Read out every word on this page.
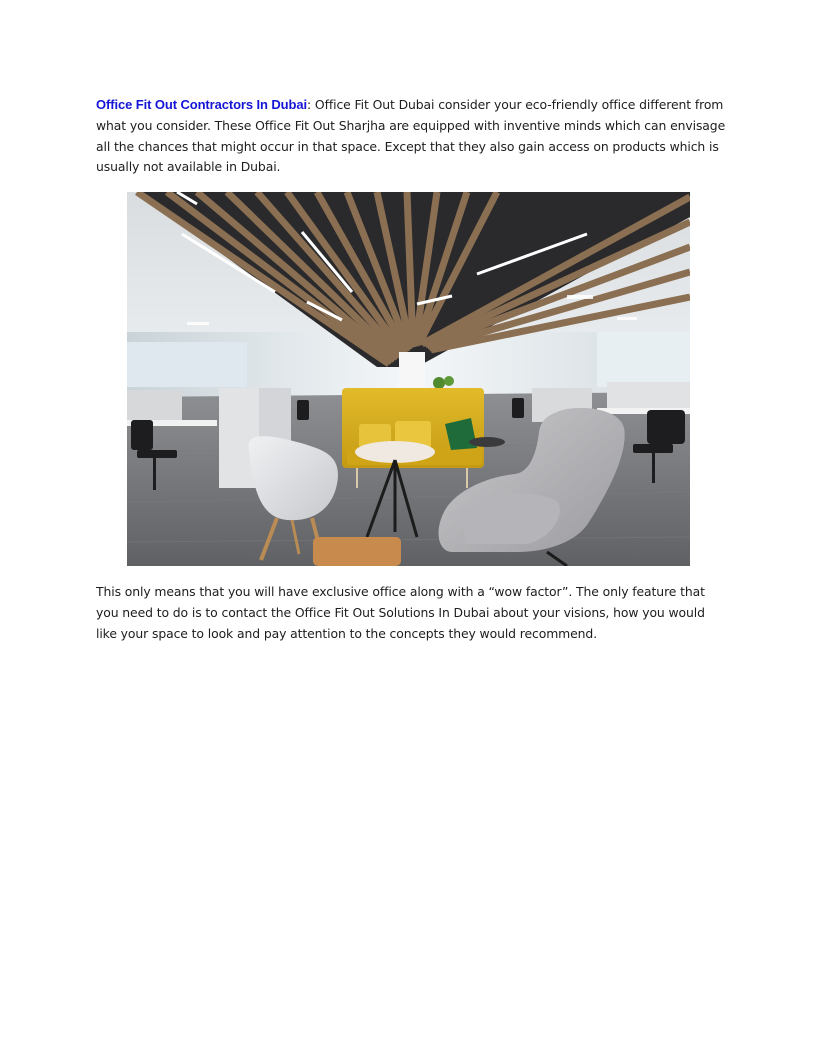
Office Fit Out Contractors In Dubai: Office Fit Out Dubai consider your eco-friendly office different from what you consider. These Office Fit Out Sharjha are equipped with inventive minds which can envisage all the chances that might occur in that space. Except that they also gain access on products which is usually not available in Dubai.

This only means that you will have exclusive office along with a “wow factor”. The only feature that you need to do is to contact the Office Fit Out Solutions In Dubai about your visions, how you would like your space to look and pay attention to the concepts they would recommend.
